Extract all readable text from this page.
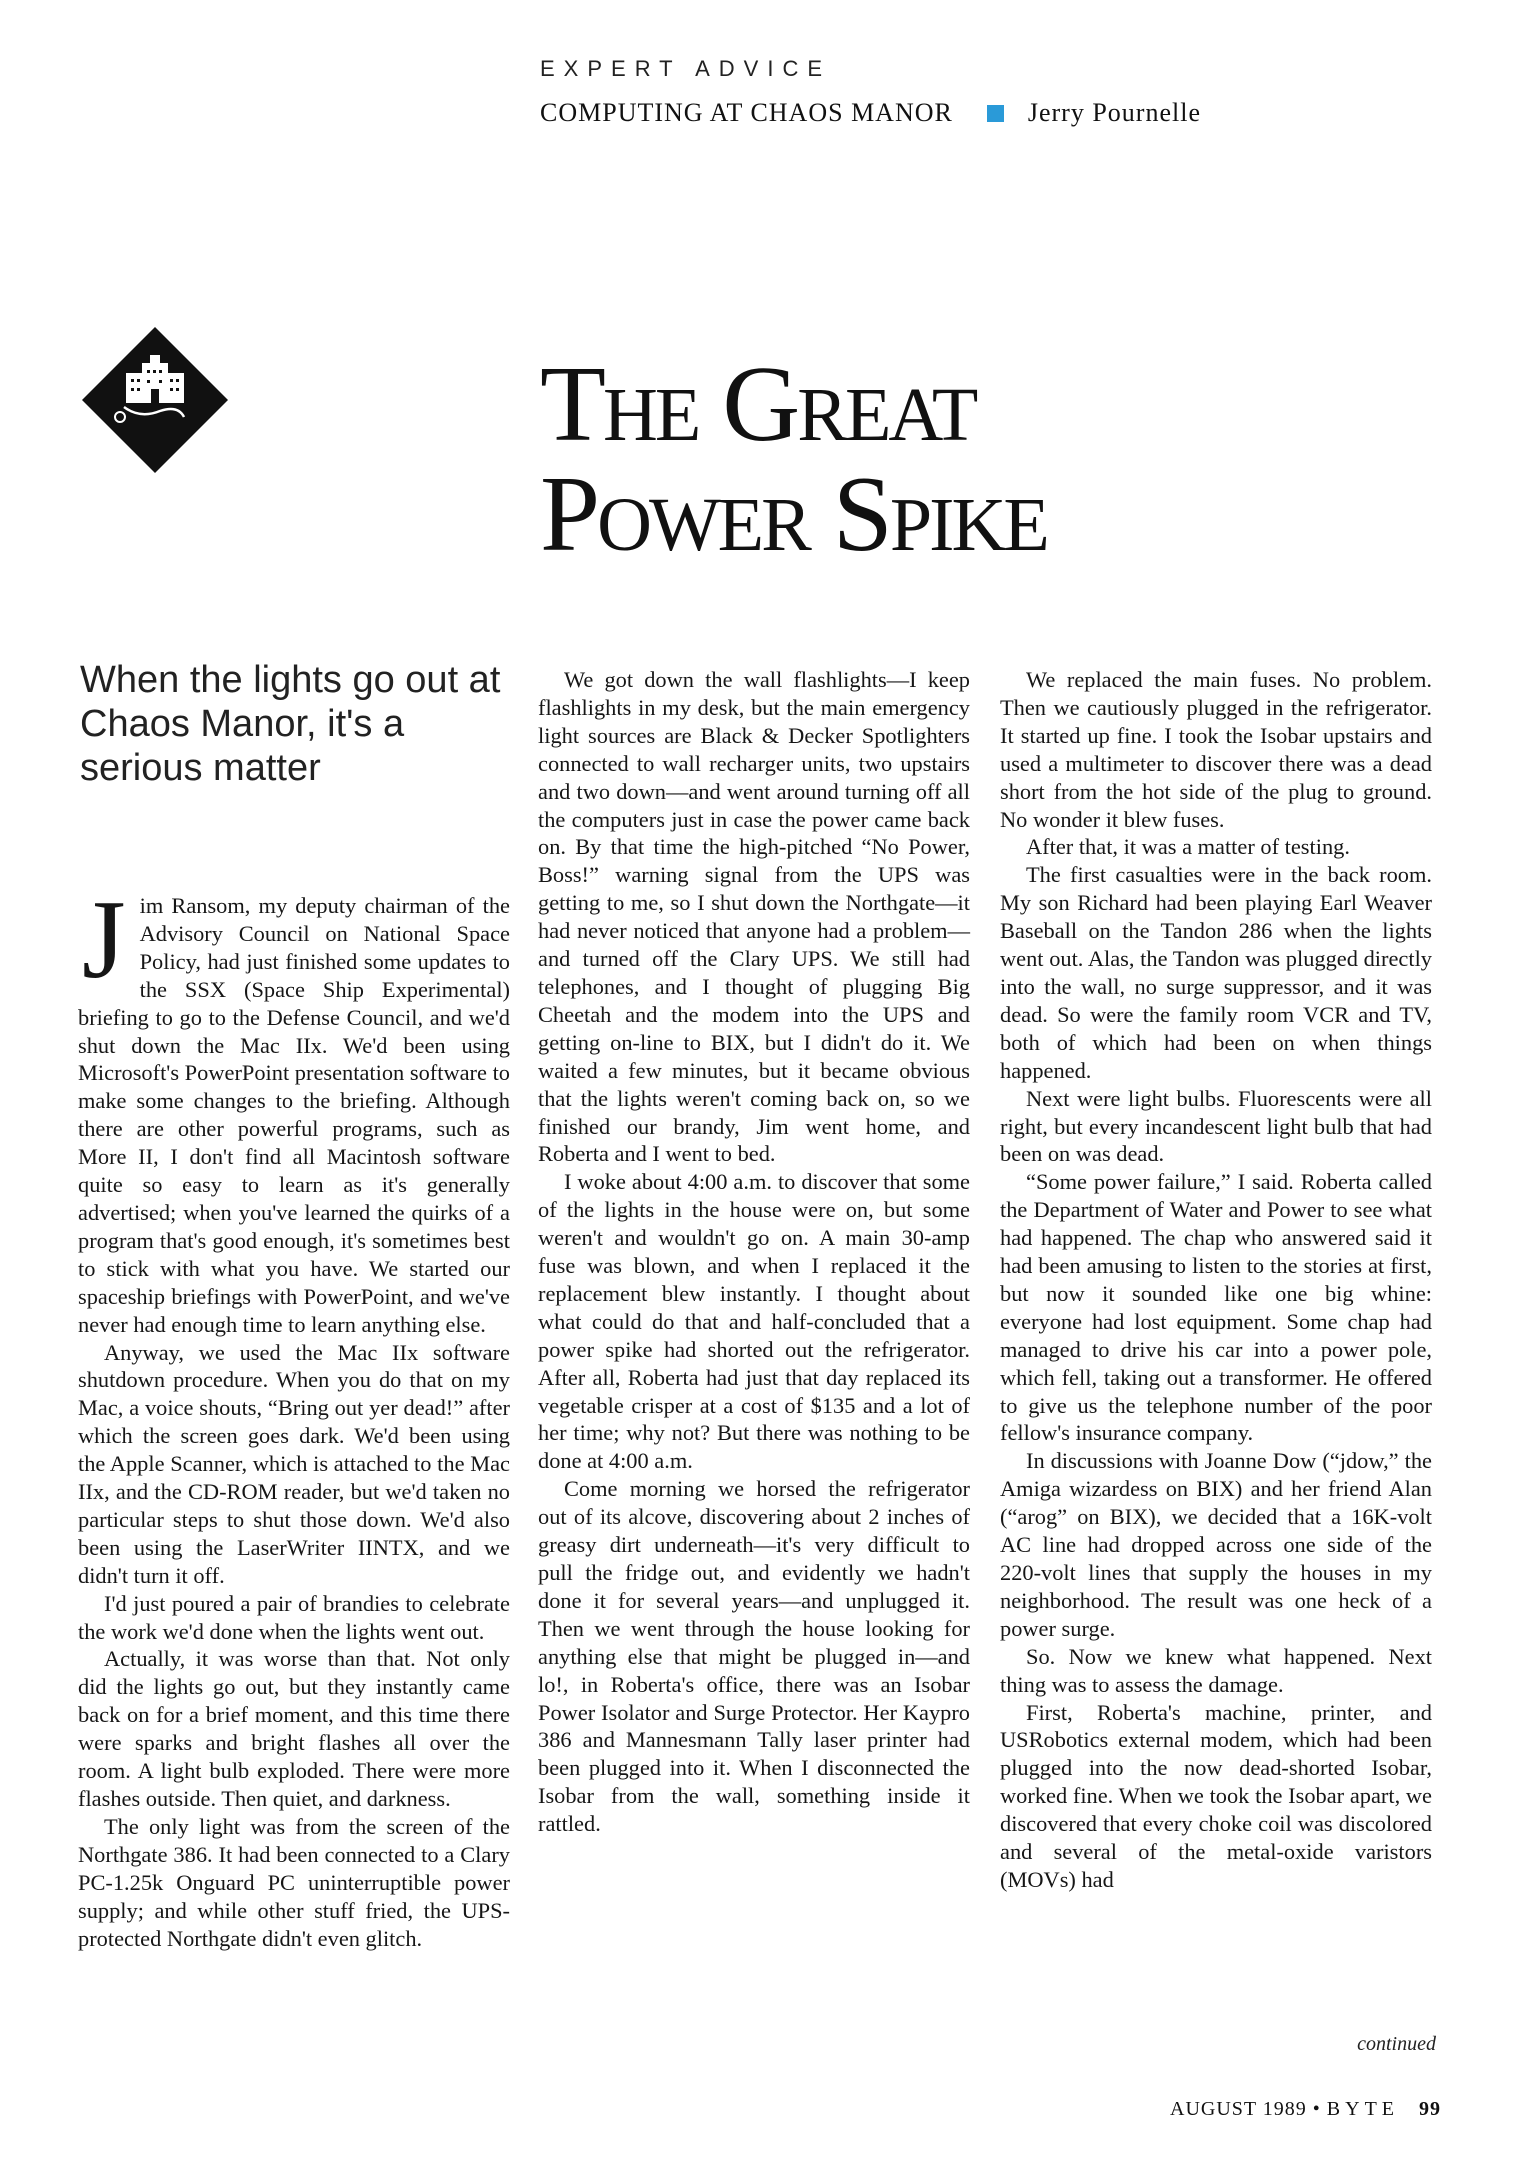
EXPERT ADVICE
COMPUTING AT CHAOS MANOR	Jerry Pournelle
The Great
Power Spike
When the lights go out at Chaos Manor, it's a serious matter

Jim Ransom, my deputy chairman of the Advisory Council on National Space Policy, had just finished some updates to the SSX (Space Ship Experimental) briefing to go to the Defense Council, and we'd shut down the Mac IIx. We'd been using Microsoft's PowerPoint presentation software to make some changes to the briefing. Although there are other powerful programs, such as More II, I don't find all Macintosh software quite so easy to learn as it's generally advertised; when you've learned the quirks of a program that's good enough, it's sometimes best to stick with what you have. We started our spaceship briefings with PowerPoint, and we've never had enough time to learn anything else.

Anyway, we used the Mac IIx software shutdown procedure. When you do that on my Mac, a voice shouts, “Bring out yer dead!” after which the screen goes dark. We'd been using the Apple Scanner, which is attached to the Mac IIx, and the CD-ROM reader, but we'd taken no particular steps to shut those down. We'd also been using the LaserWriter IINTX, and we didn't turn it off.

I'd just poured a pair of brandies to celebrate the work we'd done when the lights went out.

Actually, it was worse than that. Not only did the lights go out, but they instantly came back on for a brief moment, and this time there were sparks and bright flashes all over the room. A light bulb exploded. There were more flashes outside. Then quiet, and darkness.

The only light was from the screen of the Northgate 386. It had been connected to a Clary PC-1.25k Onguard PC uninterruptible power supply; and while other stuff fried, the UPS-protected Northgate didn't even glitch.

We got down the wall flashlights—I keep flashlights in my desk, but the main emergency light sources are Black & Decker Spotlighters connected to wall recharger units, two upstairs and two down—and went around turning off all the computers just in case the power came back on. By that time the high-pitched “No Power, Boss!” warning signal from the UPS was getting to me, so I shut down the Northgate—it had never noticed that anyone had a problem—and turned off the Clary UPS. We still had telephones, and I thought of plugging Big Cheetah and the modem into the UPS and getting on-line to BIX, but I didn't do it. We waited a few minutes, but it became obvious that the lights weren't coming back on, so we finished our brandy, Jim went home, and Roberta and I went to bed.

I woke about 4:00 a.m. to discover that some of the lights in the house were on, but some weren't and wouldn't go on. A main 30-amp fuse was blown, and when I replaced it the replacement blew instantly. I thought about what could do that and half-concluded that a power spike had shorted out the refrigerator. After all, Roberta had just that day replaced its vegetable crisper at a cost of $135 and a lot of her time; why not? But there was nothing to be done at 4:00 a.m.

Come morning we horsed the refrigerator out of its alcove, discovering about 2 inches of greasy dirt underneath—it's very difficult to pull the fridge out, and evidently we hadn't done it for several years—and unplugged it. Then we went through the house looking for anything else that might be plugged in—and lo!, in Roberta's office, there was an Isobar Power Isolator and Surge Protector. Her Kaypro 386 and Mannesmann Tally laser printer had been plugged into it. When I disconnected the Isobar from the wall, something inside it rattled.

We replaced the main fuses. No problem. Then we cautiously plugged in the refrigerator. It started up fine. I took the Isobar upstairs and used a multimeter to discover there was a dead short from the hot side of the plug to ground. No wonder it blew fuses.

After that, it was a matter of testing.

The first casualties were in the back room. My son Richard had been playing Earl Weaver Baseball on the Tandon 286 when the lights went out. Alas, the Tandon was plugged directly into the wall, no surge suppressor, and it was dead. So were the family room VCR and TV, both of which had been on when things happened.

Next were light bulbs. Fluorescents were all right, but every incandescent light bulb that had been on was dead.

“Some power failure,” I said. Roberta called the Department of Water and Power to see what had happened. The chap who answered said it had been amusing to listen to the stories at first, but now it sounded like one big whine: everyone had lost equipment. Some chap had managed to drive his car into a power pole, which fell, taking out a transformer. He offered to give us the telephone number of the poor fellow's insurance company.

In discussions with Joanne Dow (“jdow,” the Amiga wizardess on BIX) and her friend Alan (“arog” on BIX), we decided that a 16K-volt AC line had dropped across one side of the 220-volt lines that supply the houses in my neighborhood. The result was one heck of a power surge.

So. Now we knew what happened. Next thing was to assess the damage.

First, Roberta's machine, printer, and USRobotics external modem, which had been plugged into the now dead-shorted Isobar, worked fine. When we took the Isobar apart, we discovered that every choke coil was discolored and several of the metal-oxide varistors (MOVs) had

continued
AUGUST 1989 • BYTE 99
